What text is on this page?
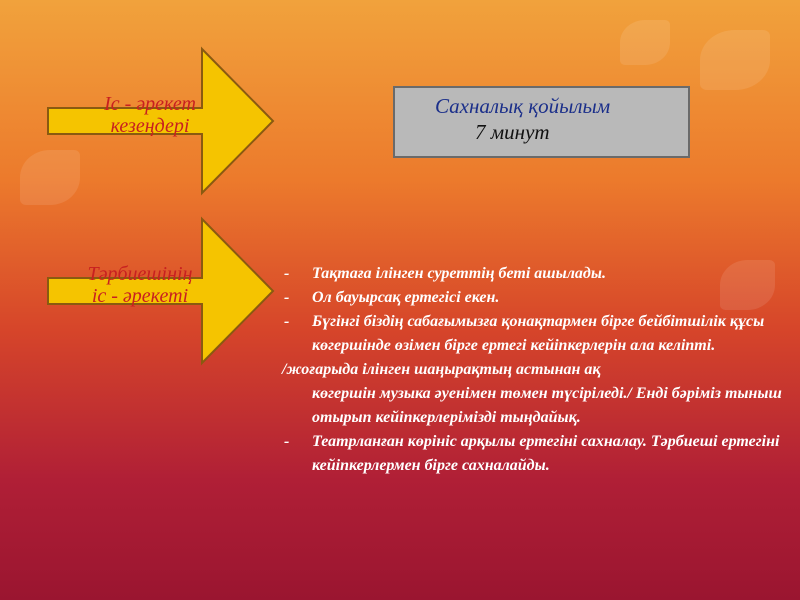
Іс - әрекет
кезеңдері
Сахналық қойылым
7 минут
Тәрбиешінің
іс - әрекеті
- Тақтаға ілінген суреттің беті ашылады.
- Ол бауырсақ ертегісі екен.
- Бүгінгі біздің сабағымызға қонақтармен бірге бейбітшілік құсы көгершінде өзімен бірге ертегі кейіпкерлерін ала келіпті.
/жоғарыда ілінген шаңырақтың астынан ақ
көгершін музыка әуенімен төмен түсіріледі./ Енді бәріміз тыныш отырып кейіпкерлерімізді тыңдайық.
- Театрланған көрініс арқылы ертегіні сахналау. Тәрбиеші ертегіні кейіпкерлермен бірге сахналайды.
